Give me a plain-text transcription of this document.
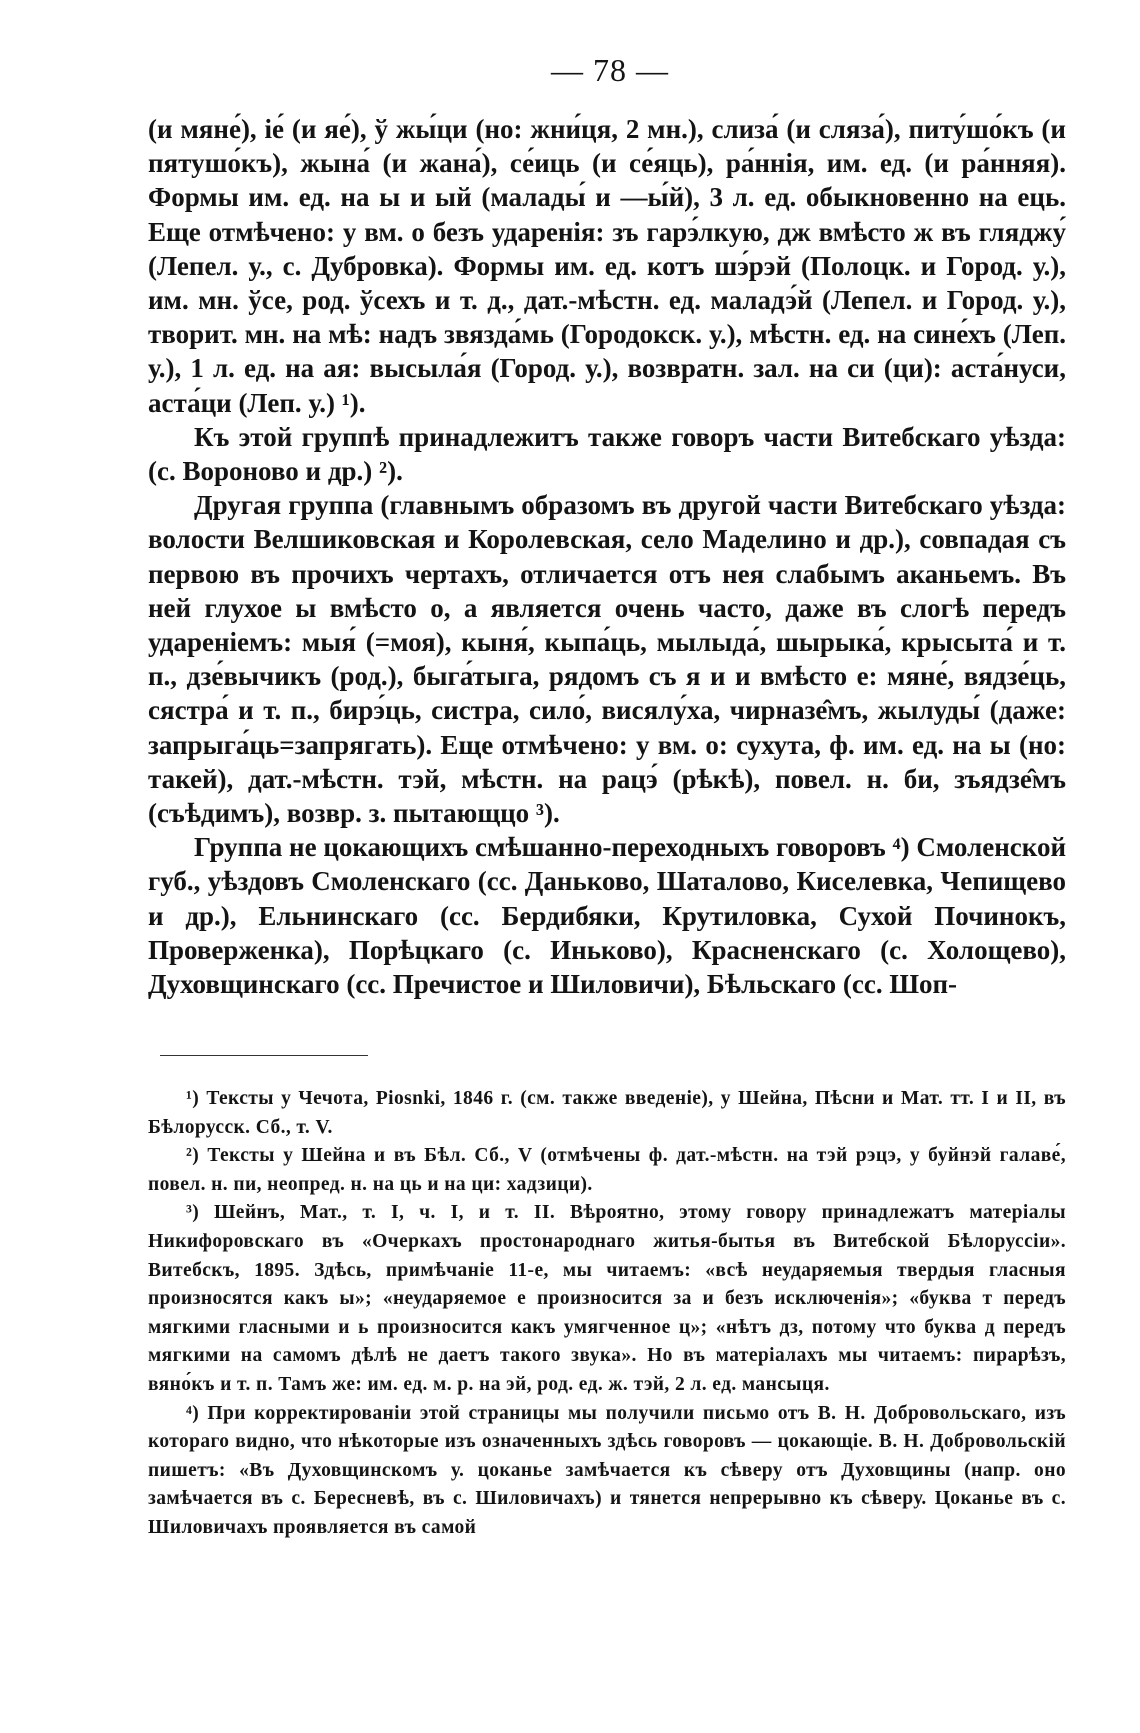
— 78 —

(и мяне́), іе́ (и яе́), ў жы́ци (но: жни́ця, 2 мн.), слиза́ (и сляза́), питу́шо́къ (и пятушо́къ), жына́ (и жана́), се́иць (и се́яць), ра́ннія, им. ед. (и ра́нняя). Формы им. ед. на ы и ый (малады́ и —ы́й), 3 л. ед. обыкновенно на ець. Еще отмѣчено: у вм. о безъ ударенія: зъ гарэ́лкую, дж вмѣсто ж въ гляджу́ (Лепел. у., с. Дубровка). Формы им. ед. котъ шэ́рэй (Полоцк. и Город. у.), им. мн. ўсе, род. ўсехъ и т. д., дат.-мѣстн. ед. маладэ́й (Лепел. и Город. у.), творит. мн. на мѣ: надъ звязда́мь (Городокск. у.), мѣстн. ед. на сине́хъ (Леп. у.), 1 л. ед. на ая: высыла́я (Город. у.), возвратн. зал. на си (ци): аста́нуси, аста́ци (Леп. у.) ¹).

Къ этой группѣ принадлежитъ также говоръ части Витебскаго уѣзда: (с. Вороново и др.) ²).

Другая группа (главнымъ образомъ въ другой части Витебскаго уѣзда: волости Велшиковская и Королевская, село Маделино и др.), совпадая съ первою въ прочихъ чертахъ, отличается отъ нея слабымъ аканьемъ. Въ ней глухое ы вмѣсто о, а является очень часто, даже въ слогѣ передъ удареніемъ: мыя́ (=моя), кыня́, кыпа́ць, мылыда́, шырыка́, крысыта́ и т. п., дзе́вычикъ (род.), быга́тыга, рядомъ съ я и и вмѣсто е: мяне́, вядзе́ць, сястра́ и т. п., бирэ́ць, систра, сило́, висялу́ха, чирназе̂мъ, жылуды́ (даже: запрыга́ць=запрягать). Еще отмѣчено: у вм. о: сухута, ф. им. ед. на ы (но: такей), дат.-мѣстн. тэй, мѣстн. на рацэ́ (рѣкѣ), повел. н. би, зъядзе̂мъ (съѣдимъ), возвр. з. пытающцо ³).

Группа не цокающихъ смѣшанно-переходныхъ говоровъ ⁴) Смоленской губ., уѣздовъ Смоленскаго (сс. Даньково, Шаталово, Киселевка, Чепищево и др.), Ельнинскаго (сс. Бердибяки, Крутиловка, Сухой Починокъ, Проверженка), Порѣцкаго (с. Иньково), Красненскаго (с. Холощево), Духовщинскаго (сс. Пречистое и Шиловичи), Бѣльскаго (сс. Шоп-

¹) Тексты у Чечота, Piosnki, 1846 г. (см. также введеніе), у Шейна, Пѣсни и Мат. тт. I и II, въ Бѣлорусск. Сб., т. V.

²) Тексты у Шейна и въ Бѣл. Сб., V (отмѣчены ф. дат.-мѣстн. на тэй рэцэ, у буйнэй галаве́, повел. н. пи, неопред. н. на ць и на ци: хадзици).

³) Шейнъ, Мат., т. I, ч. I, и т. II. Вѣроятно, этому говору принадлежатъ матеріалы Никифоровскаго въ «Очеркахъ простонароднаго житья-бытья въ Витебской Бѣлоруссіи». Витебскъ, 1895. Здѣсь, примѣчаніе 11-е, мы читаемъ: «всѣ неударяемыя твердыя гласныя произносятся какъ ы»; «неударяемое е произносится за и безъ исключенія»; «буква т передъ мягкими гласными и ь произносится какъ умягченное ц»; «нѣтъ дз, потому что буква д передъ мягкими на самомъ дѣлѣ не даетъ такого звука». Но въ матеріалахъ мы читаемъ: пирарѣзъ, вяно́къ и т. п. Тамъ же: им. ед. м. р. на эй, род. ед. ж. тэй, 2 л. ед. мансыця.

⁴) При корректированіи этой страницы мы получили письмо отъ В. Н. Добровольскаго, изъ котораго видно, что нѣкоторые изъ означенныхъ здѣсь говоровъ — цокающіе. В. Н. Добровольскій пишетъ: «Въ Духовщинскомъ у. цоканье замѣчается къ сѣверу отъ Духовщины (напр. оно замѣчается въ с. Бересневѣ, въ с. Шиловичахъ) и тянется непрерывно къ сѣверу. Цоканье въ с. Шиловичахъ проявляется въ самой
